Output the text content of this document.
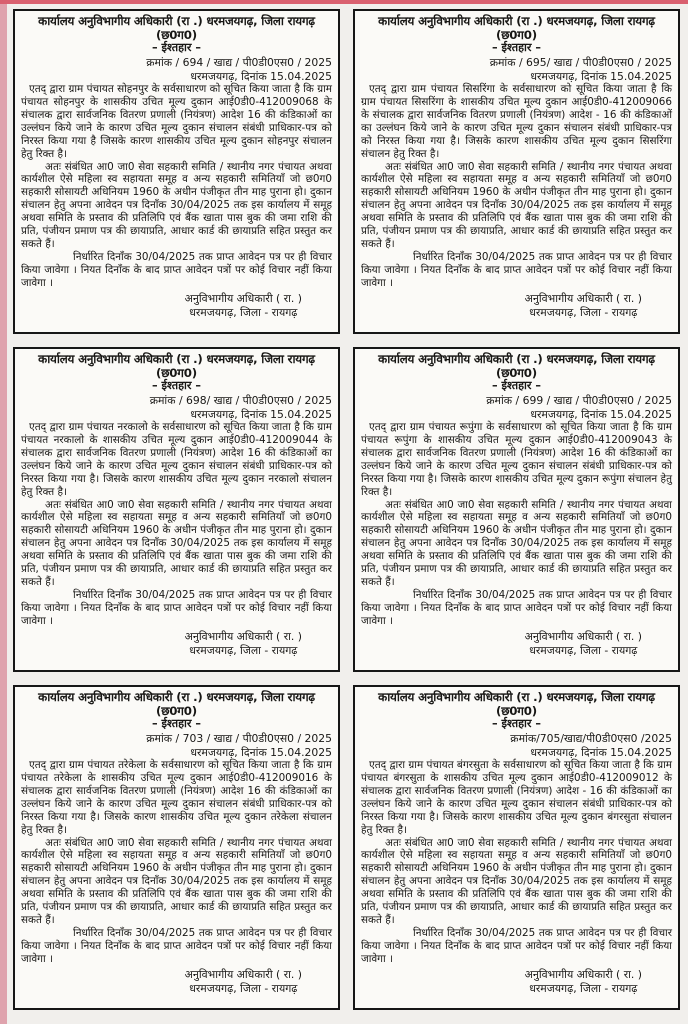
कार्यालय अनुविभागीय अधिकारी (रा .) धरमजयगढ़, जिला रायगढ़ (छ0ग0)
– ईश्तहार –
क्रमांक / 694 / खाद्य / पी0डी0एस0 / 2025
धरमजयगढ़, दिनांक 15.04.2025

एतद् द्वारा ग्राम पंचायत सोहनपुर के सर्वसाधारण को सूचित किया जाता है कि ग्राम पंचायत सोहनपुर के शासकीय उचित मूल्य दुकान आई0डी0-412009068 के संचालक द्वारा सार्वजनिक वितरण प्रणाली (नियंत्रण) आदेश 16 की कंडिकाओं का उल्लंघन किये जाने के कारण उचित मूल्य दुकान संचालन संबंधी प्राधिकार-पत्र को निरस्त किया गया है जिसके कारण शासकीय उचित मूल्य दुकान सोहनपुर संचालन हेतु रिक्त है।

अतः संबंधित आ0 जा0 सेवा सहकारी समिति / स्थानीय नगर पंचायत अथवा कार्यशील ऐसे महिला स्व सहायता समूह व अन्य सहकारी समितियाँ जो छ0ग0 सहकारी सोसायटी अधिनियम 1960 के अधीन पंजीकृत तीन माह पुराना हो। दुकान संचालन हेतु अपना आवेदन पत्र दिनाँक 30/04/2025 तक इस कार्यालय में समूह अथवा समिति के प्रस्ताव की प्रतिलिपि एवं बैंक खाता पास बुक की जमा राशि की प्रति, पंजीयन प्रमाण पत्र की छायाप्रति, आधार कार्ड की छायाप्रति सहित प्रस्तुत कर सकते हैं।

निर्धारित दिनाँक 30/04/2025 तक प्राप्त आवेदन पत्र पर ही विचार किया जावेगा । नियत दिनाँक के बाद प्राप्त आवेदन पत्रों पर कोई विचार नहीं किया जावेगा ।

अनुविभागीय अधिकारी ( रा. )
धरमजयगढ़, जिला - रायगढ़
कार्यालय अनुविभागीय अधिकारी (रा .) धरमजयगढ़, जिला रायगढ़ (छ0ग0)
– ईश्तहार –
क्रमांक / 695/ खाद्य / पी0डी0एस0 / 2025
धरमजयगढ़, दिनांक 15.04.2025

एतद् द्वारा ग्राम पंचायत सिसरिंगा के सर्वसाधारण को सूचित किया जाता है कि ग्राम पंचायत सिसरिंगा के शासकीय उचित मूल्य दुकान आई0डी0-412009066 के संचालक द्वारा सार्वजनिक वितरण प्रणाली (नियंत्रण) आदेश - 16 की कंडिकाओं का उल्लंघन किये जाने के कारण उचित मूल्य दुकान संचालन संबंधी प्राधिकार-पत्र को निरस्त किया गया है। जिसके कारण शासकीय उचित मूल्य दुकान सिसरिंगा संचालन हेतु रिक्त है।

अतः संबंधित आ0 जा0 सेवा सहकारी समिति / स्थानीय नगर पंचायत अथवा कार्यशील ऐसे महिला स्व सहायता समूह व अन्य सहकारी समितियाँ जो छ0ग0 सहकारी सोसायटी अधिनियम 1960 के अधीन पंजीकृत तीन माह पुराना हो। दुकान संचालन हेतु अपना आवेदन पत्र दिनाँक 30/04/2025 तक इस कार्यालय में समूह अथवा समिति के प्रस्ताव की प्रतिलिपि एवं बैंक खाता पास बुक की जमा राशि की प्रति, पंजीयन प्रमाण पत्र की छायाप्रति, आधार कार्ड की छायाप्रति सहित प्रस्तुत कर सकते हैं।

निर्धारित दिनाँक 30/04/2025 तक प्राप्त आवेदन पत्र पर ही विचार किया जावेगा । नियत दिनाँक के बाद प्राप्त आवेदन पत्रों पर कोई विचार नहीं किया जावेगा ।

अनुविभागीय अधिकारी ( रा. )
धरमजयगढ़, जिला - रायगढ़
कार्यालय अनुविभागीय अधिकारी (रा .) धरमजयगढ़, जिला रायगढ़ (छ0ग0)
– ईश्तहार –
क्रमांक / 698/ खाद्य / पी0डी0एस0 / 2025
धरमजयगढ़, दिनांक 15.04.2025

एतद् द्वारा ग्राम पंचायत नरकालो के सर्वसाधारण को सूचित किया जाता है कि ग्राम पंचायत नरकालो के शासकीय उचित मूल्य दुकान आई0डी0-412009044 के संचालक द्वारा सार्वजनिक वितरण प्रणाली (नियंत्रण) आदेश 16 की कंडिकाओं का उल्लंघन किये जाने के कारण उचित मूल्य दुकान संचालन संबंधी प्राधिकार-पत्र को निरस्त किया गया है। जिसके कारण शासकीय उचित मूल्य दुकान नरकालो संचालन हेतु रिक्त है।

अतः संबंधित आ0 जा0 सेवा सहकारी समिति / स्थानीय नगर पंचायत अथवा कार्यशील ऐसे महिला स्व सहायता समूह व अन्य सहकारी समितियाँ जो छ0ग0 सहकारी सोसायटी अधिनियम 1960 के अधीन पंजीकृत तीन माह पुराना हो। दुकान संचालन हेतु अपना आवेदन पत्र दिनाँक 30/04/2025 तक इस कार्यालय में समूह अथवा समिति के प्रस्ताव की प्रतिलिपि एवं बैंक खाता पास बुक की जमा राशि की प्रति, पंजीयन प्रमाण पत्र की छायाप्रति, आधार कार्ड की छायाप्रति सहित प्रस्तुत कर सकते हैं।

निर्धारित दिनाँक 30/04/2025 तक प्राप्त आवेदन पत्र पर ही विचार किया जावेगा । नियत दिनाँक के बाद प्राप्त आवेदन पत्रों पर कोई विचार नहीं किया जावेगा ।

अनुविभागीय अधिकारी ( रा. )
धरमजयगढ़, जिला - रायगढ़
कार्यालय अनुविभागीय अधिकारी (रा .) धरमजयगढ़, जिला रायगढ़ (छ0ग0)
– ईश्तहार –
क्रमांक / 699 / खाद्य / पी0डी0एस0 / 2025
धरमजयगढ़, दिनांक 15.04.2025

एतद् द्वारा ग्राम पंचायत रूपुंगा के सर्वसाधारण को सूचित किया जाता है कि ग्राम पंचायत रूपुंगा के शासकीय उचित मूल्य दुकान आई0डी0-412009043 के संचालक द्वारा सार्वजनिक वितरण प्रणाली (नियंत्रण) आदेश 16 की कंडिकाओं का उल्लंघन किये जाने के कारण उचित मूल्य दुकान संचालन संबंधी प्राधिकार-पत्र को निरस्त किया गया है। जिसके कारण शासकीय उचित मूल्य दुकान रूपुंगा संचालन हेतु रिक्त है।

अतः संबंधित आ0 जा0 सेवा सहकारी समिति / स्थानीय नगर पंचायत अथवा कार्यशील ऐसे महिला स्व सहायता समूह व अन्य सहकारी समितियाँ जो छ0ग0 सहकारी सोसायटी अधिनियम 1960 के अधीन पंजीकृत तीन माह पुराना हो। दुकान संचालन हेतु अपना आवेदन पत्र दिनाँक 30/04/2025 तक इस कार्यालय में समूह अथवा समिति के प्रस्ताव की प्रतिलिपि एवं बैंक खाता पास बुक की जमा राशि की प्रति, पंजीयन प्रमाण पत्र की छायाप्रति, आधार कार्ड की छायाप्रति सहित प्रस्तुत कर सकते हैं।

निर्धारित दिनाँक 30/04/2025 तक प्राप्त आवेदन पत्र पर ही विचार किया जावेगा । नियत दिनाँक के बाद प्राप्त आवेदन पत्रों पर कोई विचार नहीं किया जावेगा ।

अनुविभागीय अधिकारी ( रा. )
धरमजयगढ़, जिला - रायगढ़
कार्यालय अनुविभागीय अधिकारी (रा .) धरमजयगढ़, जिला रायगढ़ (छ0ग0)
– ईश्तहार –
क्रमांक / 703 / खाद्य / पी0डी0एस0 / 2025
धरमजयगढ़, दिनांक 15.04.2025

एतद् द्वारा ग्राम पंचायत तरेकेला के सर्वसाधारण को सूचित किया जाता है कि ग्राम पंचायत तरेकेला के शासकीय उचित मूल्य दुकान आई0डी0-412009016 के संचालक द्वारा सार्वजनिक वितरण प्रणाली (नियंत्रण) आदेश 16 की कंडिकाओं का उल्लंघन किये जाने के कारण उचित मूल्य दुकान संचालन संबंधी प्राधिकार-पत्र को निरस्त किया गया है। जिसके कारण शासकीय उचित मूल्य दुकान तरेकेला संचालन हेतु रिक्त है।

अतः संबंधित आ0 जा0 सेवा सहकारी समिति / स्थानीय नगर पंचायत अथवा कार्यशील ऐसे महिला स्व सहायता समूह व अन्य सहकारी समितियाँ जो छ0ग0 सहकारी सोसायटी अधिनियम 1960 के अधीन पंजीकृत तीन माह पुराना हो। दुकान संचालन हेतु अपना आवेदन पत्र दिनाँक 30/04/2025 तक इस कार्यालय में समूह अथवा समिति के प्रस्ताव की प्रतिलिपि एवं बैंक खाता पास बुक की जमा राशि की प्रति, पंजीयन प्रमाण पत्र की छायाप्रति, आधार कार्ड की छायाप्रति सहित प्रस्तुत कर सकते हैं।

निर्धारित दिनाँक 30/04/2025 तक प्राप्त आवेदन पत्र पर ही विचार किया जावेगा । नियत दिनाँक के बाद प्राप्त आवेदन पत्रों पर कोई विचार नहीं किया जावेगा ।

अनुविभागीय अधिकारी ( रा. )
धरमजयगढ़, जिला - रायगढ़
कार्यालय अनुविभागीय अधिकारी (रा .) धरमजयगढ़, जिला रायगढ़ (छ0ग0)
– ईश्तहार –
क्रमांक/705/खाद्य/पी0डी0एस0 /2025
धरमजयगढ़, दिनांक 15.04.2025

एतद् द्वारा ग्राम पंचायत बंगरसुता के सर्वसाधारण को सूचित किया जाता है कि ग्राम पंचायत बंगरसुता के शासकीय उचित मूल्य दुकान आई0डी0-412009012 के संचालक द्वारा सार्वजनिक वितरण प्रणाली (नियंत्रण) आदेश - 16 की कंडिकाओं का उल्लंघन किये जाने के कारण उचित मूल्य दुकान संचालन संबंधी प्राधिकार-पत्र को निरस्त किया गया है। जिसके कारण शासकीय उचित मूल्य दुकान बंगरसुता संचालन हेतु रिक्त है।

अतः संबंधित आ0 जा0 सेवा सहकारी समिति / स्थानीय नगर पंचायत अथवा कार्यशील ऐसे महिला स्व सहायता समूह व अन्य सहकारी समितियाँ जो छ0ग0 सहकारी सोसायटी अधिनियम 1960 के अधीन पंजीकृत तीन माह पुराना हो। दुकान संचालन हेतु अपना आवेदन पत्र दिनाँक 30/04/2025 तक इस कार्यालय में समूह अथवा समिति के प्रस्ताव की प्रतिलिपि एवं बैंक खाता पास बुक की जमा राशि की प्रति, पंजीयन प्रमाण पत्र की छायाप्रति, आधार कार्ड की छायाप्रति सहित प्रस्तुत कर सकते हैं।

निर्धारित दिनाँक 30/04/2025 तक प्राप्त आवेदन पत्र पर ही विचार किया जावेगा । नियत दिनाँक के बाद प्राप्त आवेदन पत्रों पर कोई विचार नहीं किया जावेगा ।

अनुविभागीय अधिकारी ( रा. )
धरमजयगढ़, जिला - रायगढ़
